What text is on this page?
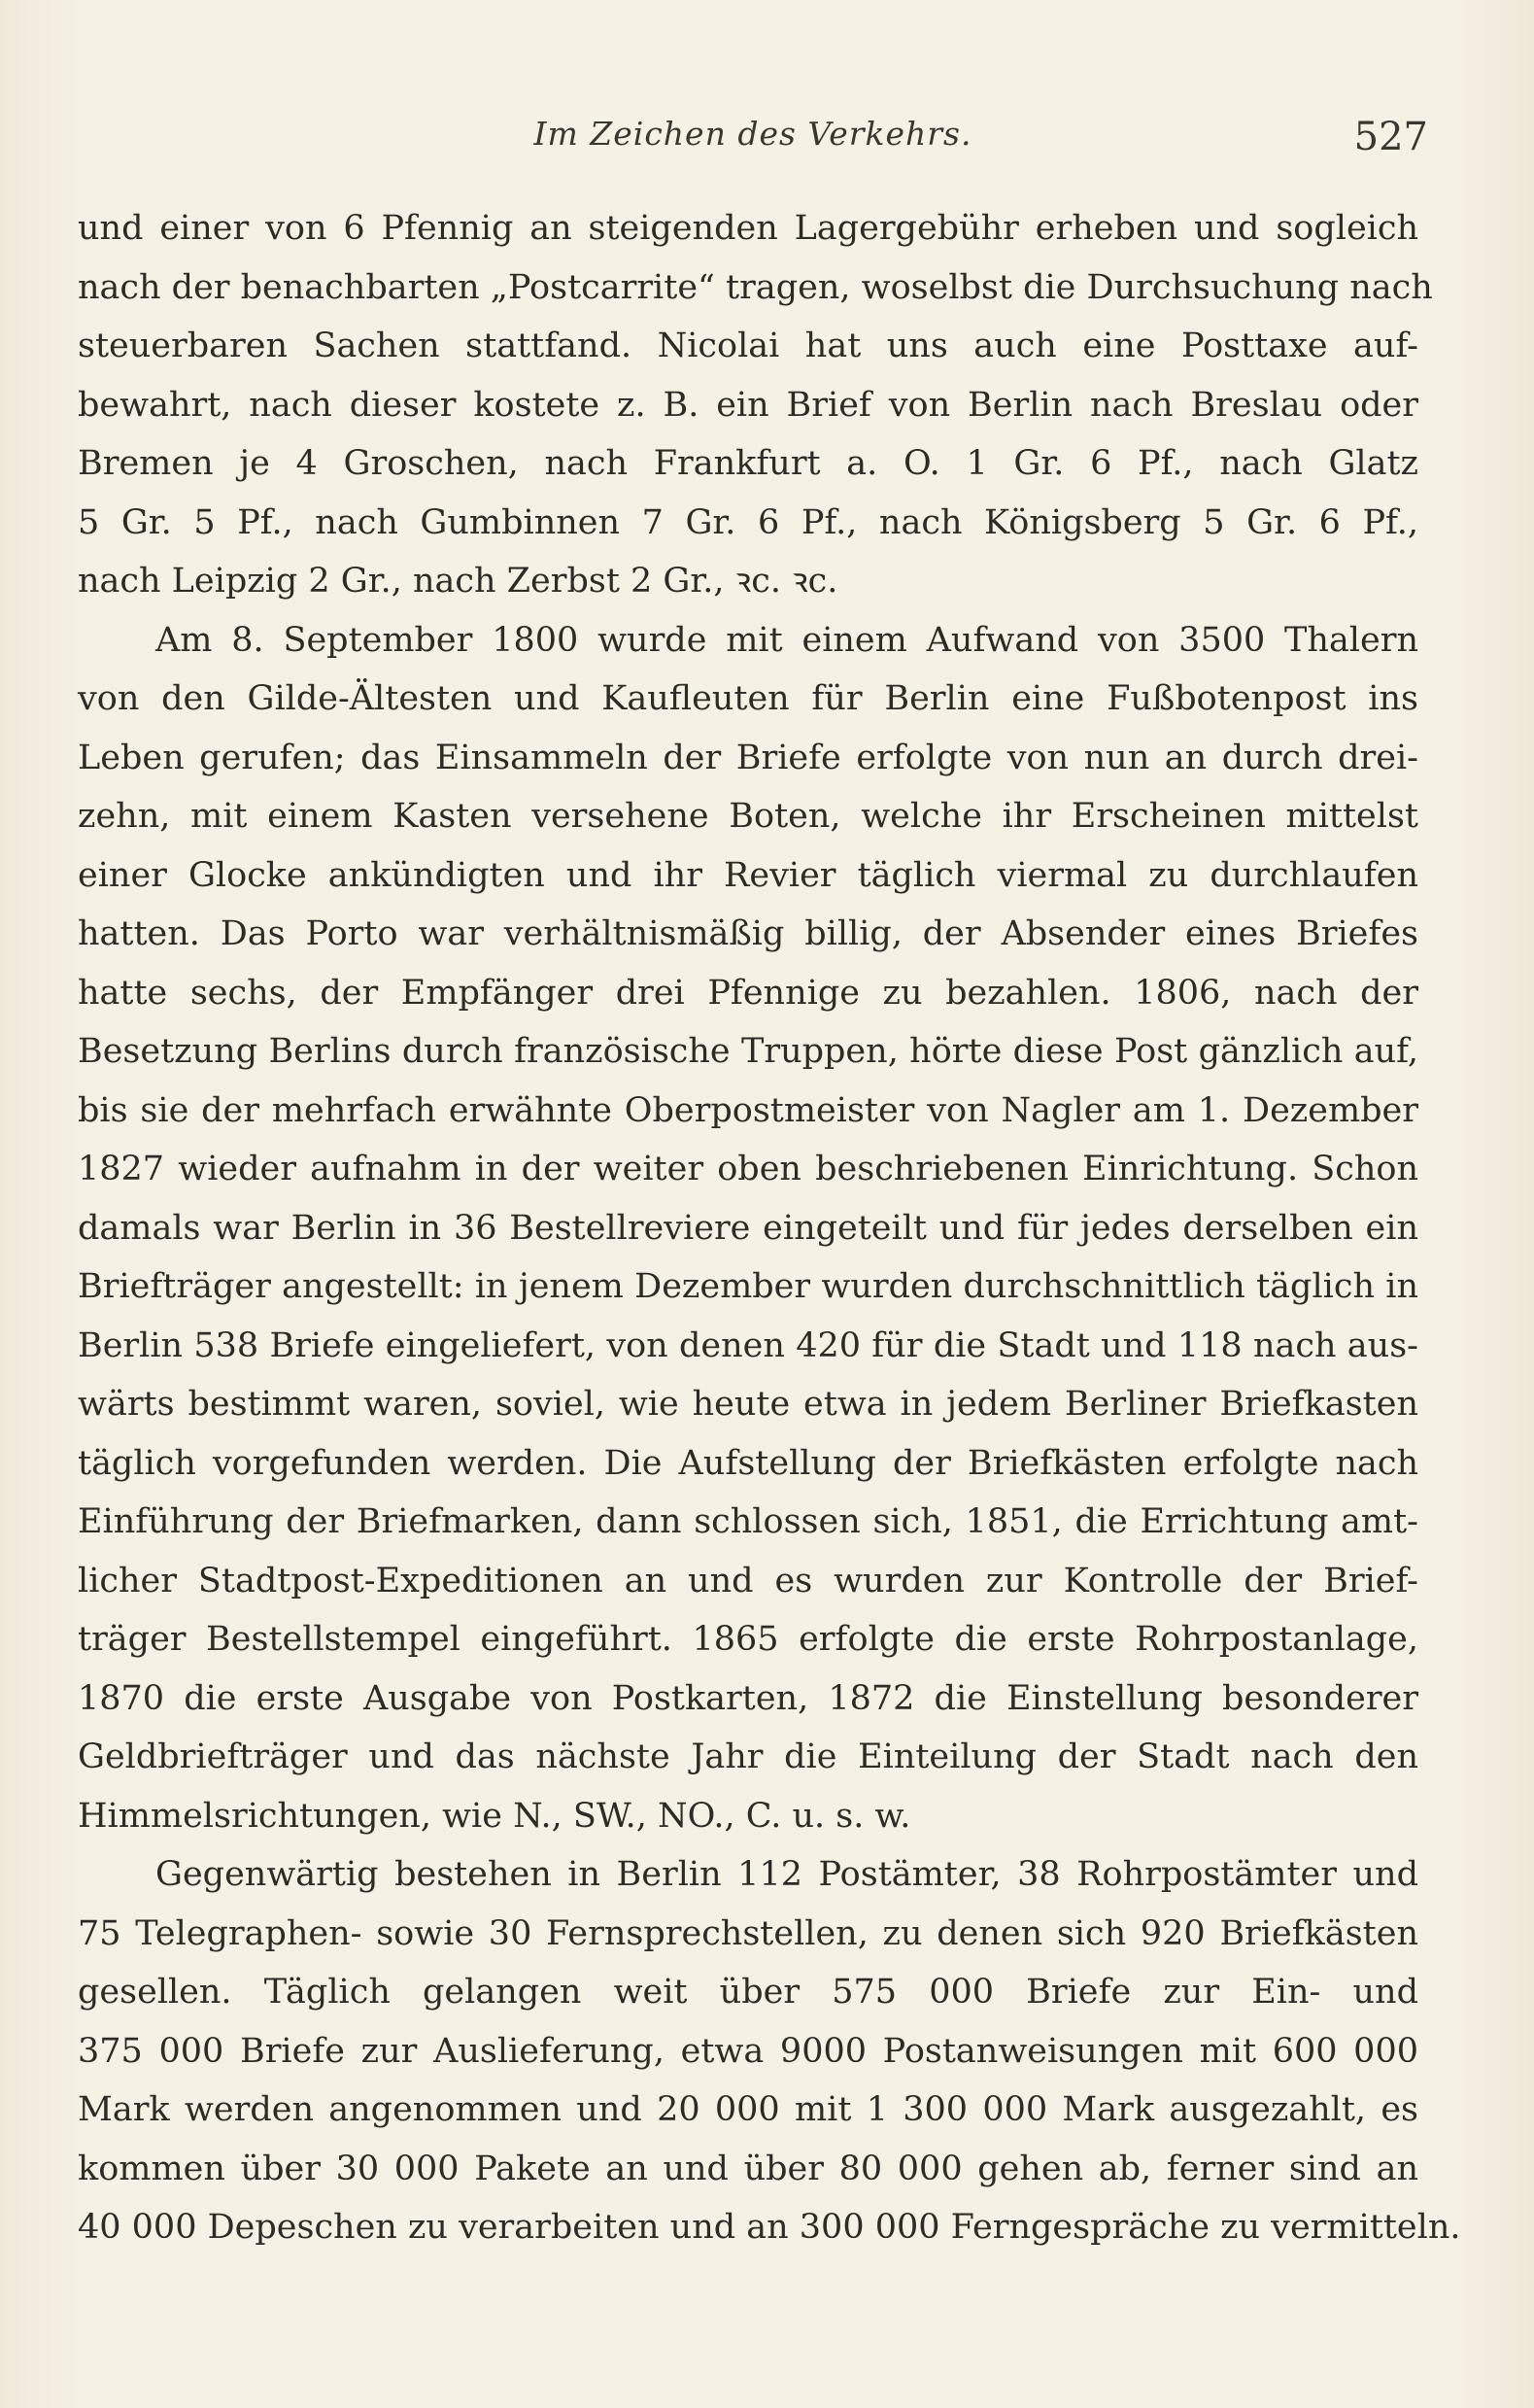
Im Zeichen des Verkehrs.	527

und einer von 6 Pfennig an steigenden Lagergebühr erheben und sogleich
nach der benachbarten „Postcarrite“ tragen, woselbst die Durchsuchung nach
steuerbaren Sachen stattfand. Nicolai hat uns auch eine Posttaxe auf-
bewahrt, nach dieser kostete z. B. ein Brief von Berlin nach Breslau oder
Bremen je 4 Groschen, nach Frankfurt a. O. 1 Gr. 6 Pf., nach Glatz
5 Gr. 5 Pf., nach Gumbinnen 7 Gr. 6 Pf., nach Königsberg 5 Gr. 6 Pf.,
nach Leipzig 2 Gr., nach Zerbst 2 Gr., ꝛc. ꝛc.

Am 8. September 1800 wurde mit einem Aufwand von 3500 Thalern
von den Gilde-Ältesten und Kaufleuten für Berlin eine Fußbotenpost ins
Leben gerufen; das Einsammeln der Briefe erfolgte von nun an durch drei-
zehn, mit einem Kasten versehene Boten, welche ihr Erscheinen mittelst
einer Glocke ankündigten und ihr Revier täglich viermal zu durchlaufen
hatten. Das Porto war verhältnismäßig billig, der Absender eines Briefes
hatte sechs, der Empfänger drei Pfennige zu bezahlen. 1806, nach der
Besetzung Berlins durch französische Truppen, hörte diese Post gänzlich auf,
bis sie der mehrfach erwähnte Oberpostmeister von Nagler am 1. Dezember
1827 wieder aufnahm in der weiter oben beschriebenen Einrichtung. Schon
damals war Berlin in 36 Bestellreviere eingeteilt und für jedes derselben ein
Briefträger angestellt: in jenem Dezember wurden durchschnittlich täglich in
Berlin 538 Briefe eingeliefert, von denen 420 für die Stadt und 118 nach aus-
wärts bestimmt waren, soviel, wie heute etwa in jedem Berliner Briefkasten
täglich vorgefunden werden. Die Aufstellung der Briefkästen erfolgte nach
Einführung der Briefmarken, dann schlossen sich, 1851, die Errichtung amt-
licher Stadtpost-Expeditionen an und es wurden zur Kontrolle der Brief-
träger Bestellstempel eingeführt. 1865 erfolgte die erste Rohrpostanlage,
1870 die erste Ausgabe von Postkarten, 1872 die Einstellung besonderer
Geldbriefträger und das nächste Jahr die Einteilung der Stadt nach den
Himmelsrichtungen, wie N., SW., NO., C. u. s. w.

Gegenwärtig bestehen in Berlin 112 Postämter, 38 Rohrpostämter und
75 Telegraphen- sowie 30 Fernsprechstellen, zu denen sich 920 Briefkästen
gesellen. Täglich gelangen weit über 575 000 Briefe zur Ein- und
375 000 Briefe zur Auslieferung, etwa 9000 Postanweisungen mit 600 000
Mark werden angenommen und 20 000 mit 1 300 000 Mark ausgezahlt, es
kommen über 30 000 Pakete an und über 80 000 gehen ab, ferner sind an
40 000 Depeschen zu verarbeiten und an 300 000 Ferngespräche zu vermitteln.
